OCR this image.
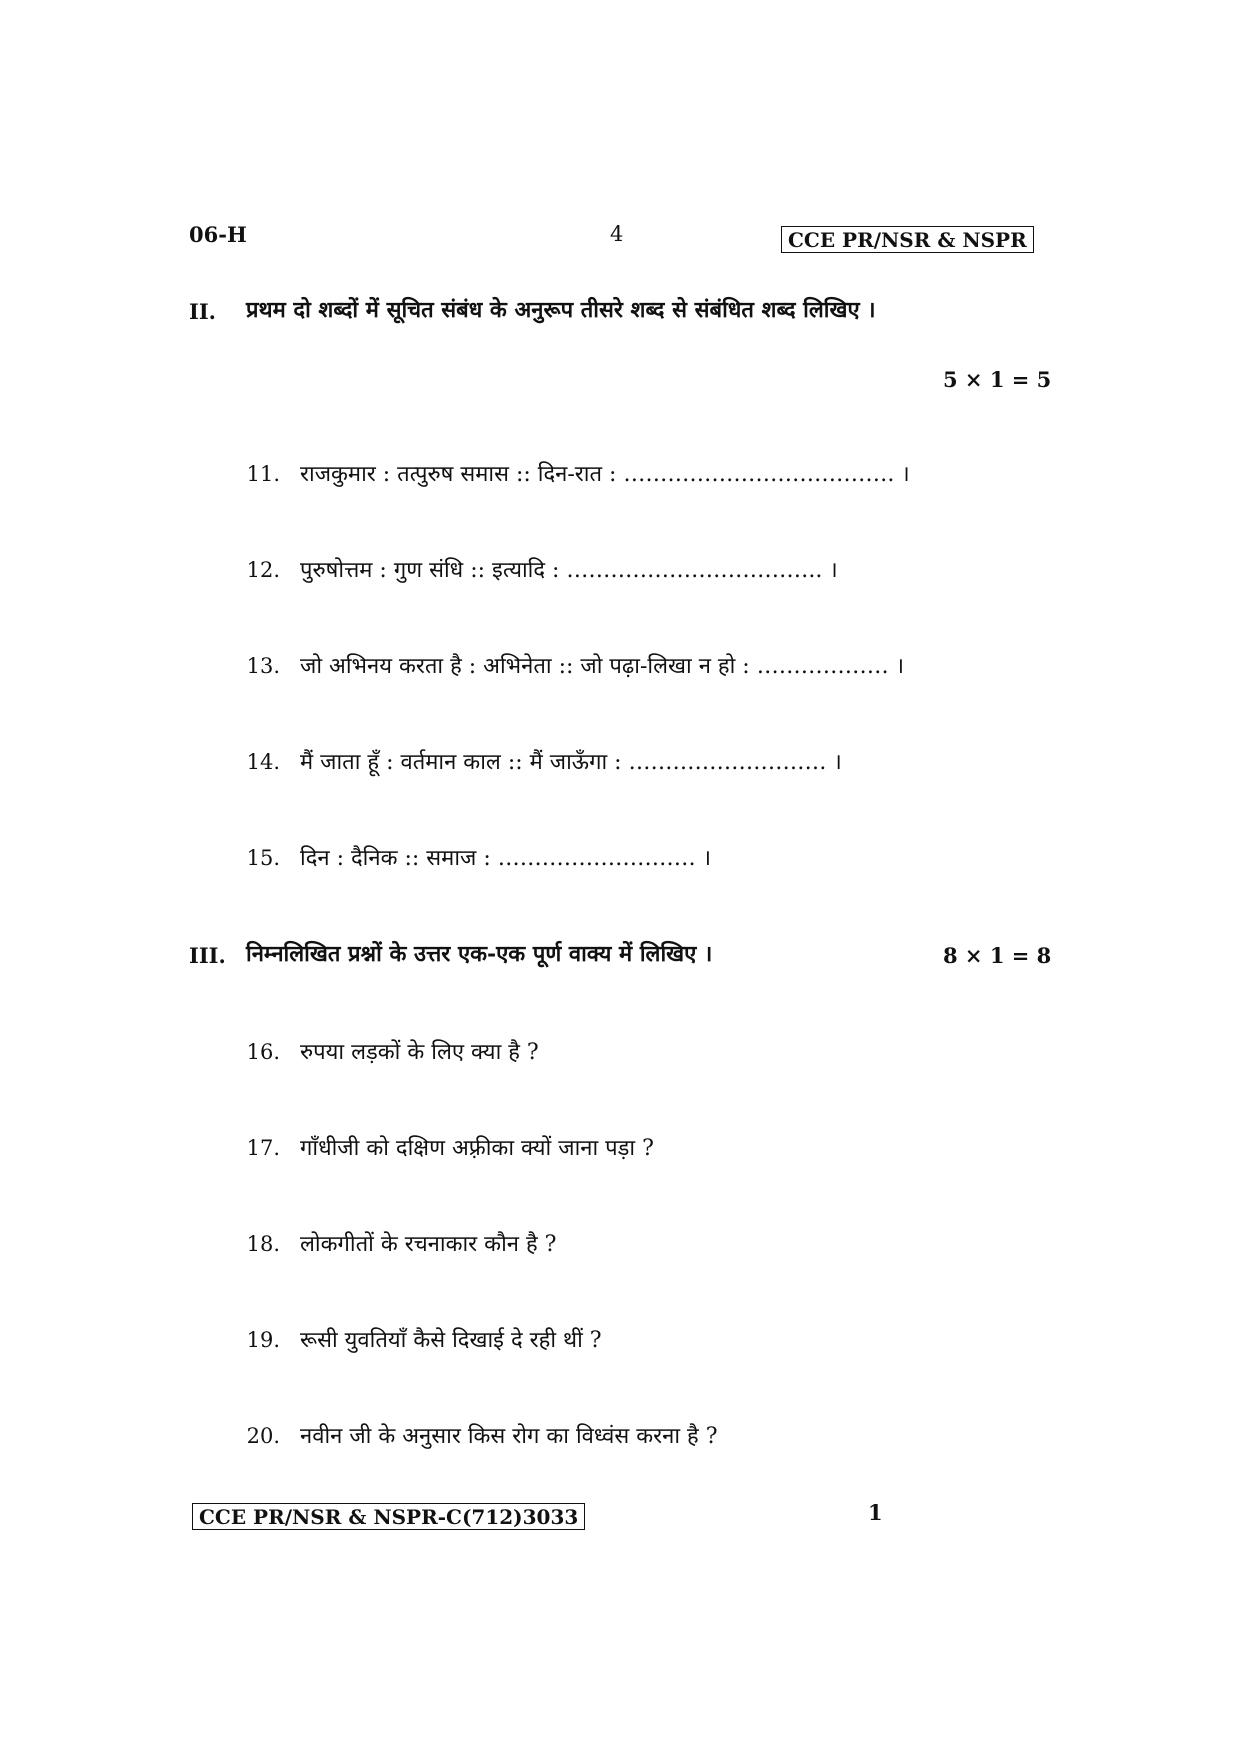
06-H	4	CCE PR/NSR & NSPR
II. प्रथम दो शब्दों में सूचित संबंध के अनुरूप तीसरे शब्द से संबंधित शब्द लिखिए ।
5 × 1 = 5
11. राजकुमार : तत्पुरुष समास :: दिन-रात : ………………………………. ।
12. पुरुषोत्तम : गुण संधि :: इत्यादि : …………………………….. ।
13. जो अभिनय करता है : अभिनेता :: जो पढ़ा-लिखा न हो : ……………… ।
14. मैं जाता हूँ : वर्तमान काल :: मैं जाऊँगा : ……………………… ।
15. दिन : दैनिक :: समाज : ……………………… ।
III. निम्नलिखित प्रश्नों के उत्तर एक-एक पूर्ण वाक्य में लिखिए ।	8 × 1 = 8
16. रुपया लड़कों के लिए क्या है ?
17. गाँधीजी को दक्षिण अफ़्रीका क्यों जाना पड़ा ?
18. लोकगीतों के रचनाकार कौन है ?
19. रूसी युवतियाँ कैसे दिखाई दे रही थीं ?
20. नवीन जी के अनुसार किस रोग का विध्वंस करना है ?
CCE PR/NSR & NSPR-C(712)3033	1
